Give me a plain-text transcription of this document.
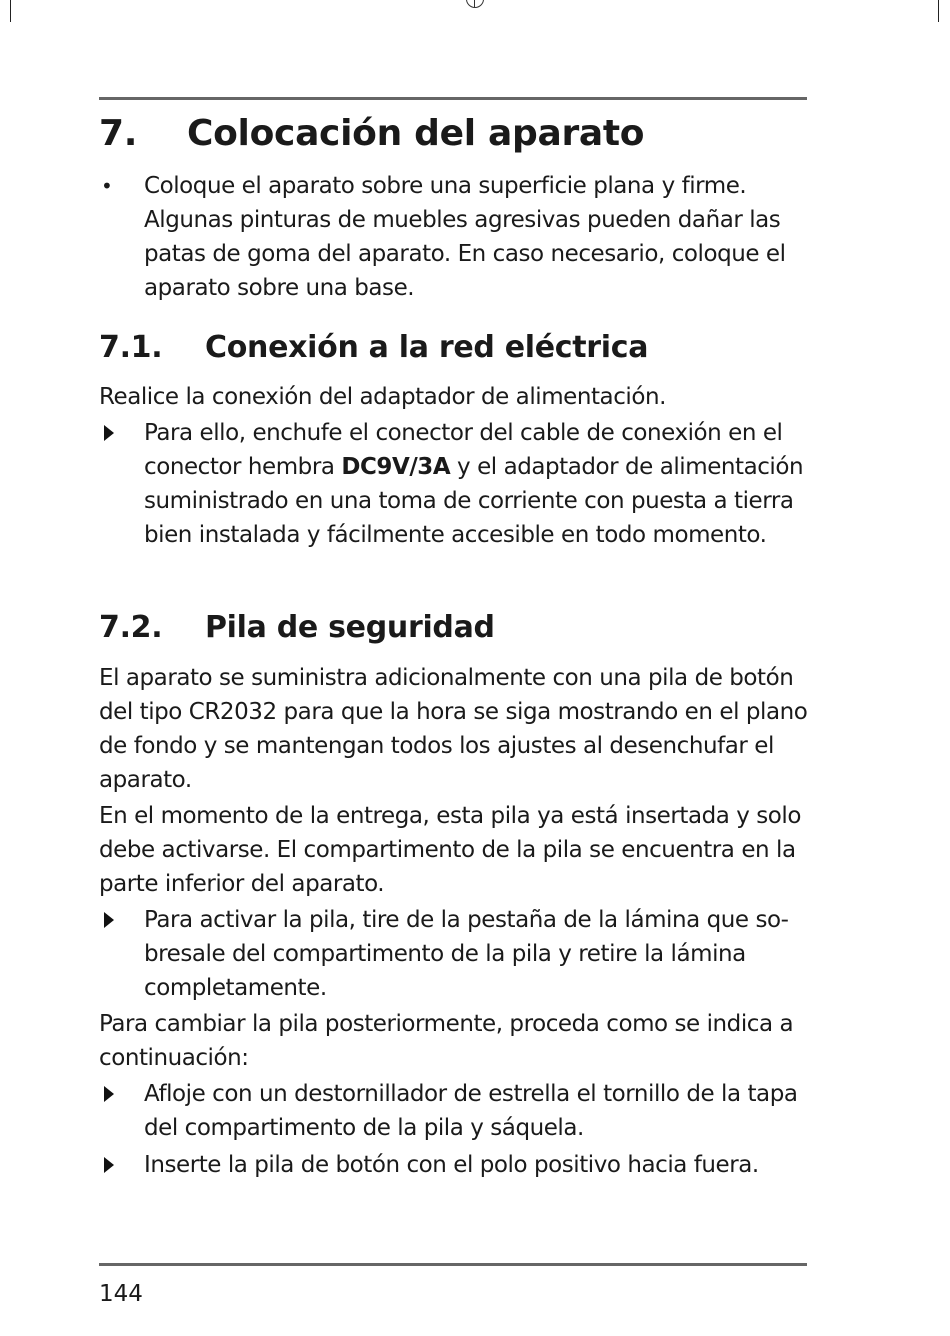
7. Colocación del aparato
•	Coloque el aparato sobre una superficie plana y firme. Algunas pinturas de muebles agresivas pueden dañar las patas de goma del aparato. En caso necesario, coloque el aparato sobre una base.
7.1. Conexión a la red eléctrica
Realice la conexión del adaptador de alimentación.
Para ello, enchufe el conector del cable de conexión en el conector hembra DC9V/3A y el adaptador de alimentación suministrado en una toma de corriente con puesta a tierra bien instalada y fácilmente accesible en todo momento.
7.2. Pila de seguridad
El aparato se suministra adicionalmente con una pila de botón del tipo CR2032 para que la hora se siga mostrando en el plano de fondo y se mantengan todos los ajustes al desenchufar el aparato.
En el momento de la entrega, esta pila ya está insertada y solo debe activarse. El compartimento de la pila se encuentra en la parte inferior del aparato.
Para activar la pila, tire de la pestaña de la lámina que sobresale del compartimento de la pila y retire la lámina completamente.
Para cambiar la pila posteriormente, proceda como se indica a continuación:
Afloje con un destornillador de estrella el tornillo de la tapa del compartimento de la pila y sáquela.
Inserte la pila de botón con el polo positivo hacia fuera.
144
